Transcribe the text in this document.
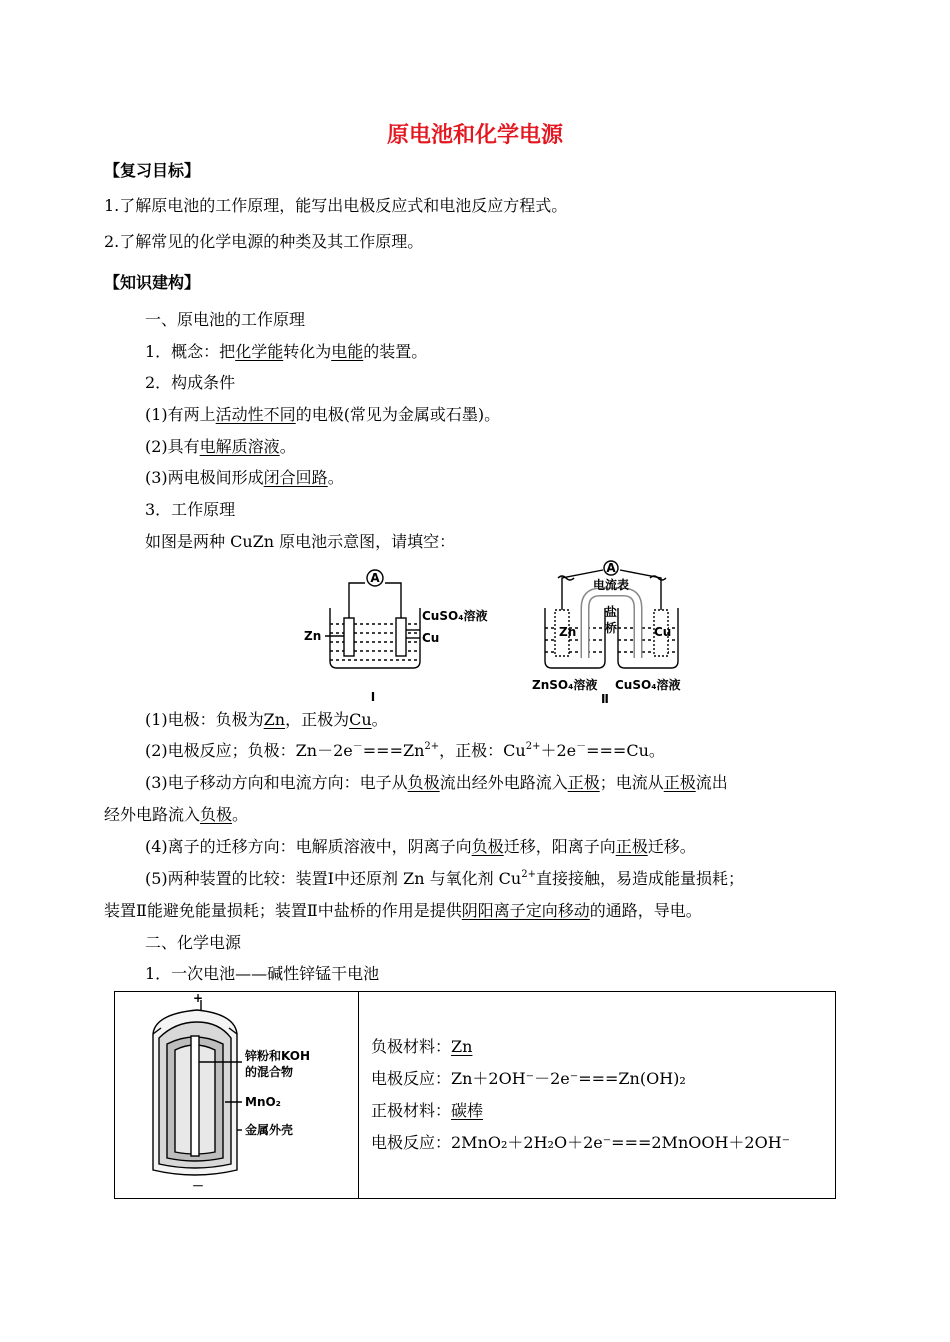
原电池和化学电源
【复习目标】
1.了解原电池的工作原理，能写出电极反应式和电池反应方程式。
2.了解常见的化学电源的种类及其工作原理。
【知识建构】
一、原电池的工作原理
1．概念：把化学能转化为电能的装置。
2．构成条件
(1)有两上活动性不同的电极(常见为金属或石墨)。
(2)具有电解质溶液。
(3)两电极间形成闭合回路。
3．工作原理
如图是两种 CuZn 原电池示意图，请填空：
A
Zn
CuSO₄溶液
Cu
I
A
电流表
盐
桥
Zn	Cu
ZnSO₄溶液 CuSO₄溶液
Ⅱ
(1)电极：负极为Zn，正极为Cu。
(2)电极反应；负极：$Zn-2e^-===Zn^{2+}$，正极：$Cu^{2+}+2e^-===Cu$。
(3)电子移动方向和电流方向：电子从负极流出经外电路流入正极；电流从正极流出
经外电路流入负极。
(4)离子的迁移方向：电解质溶液中，阴离子向负极迁移，阳离子向正极迁移。
(5)两种装置的比较：装置Ⅰ中还原剂 Zn 与氧化剂 $Cu^{2+}$直接接触，易造成能量损耗；
装置Ⅱ能避免能量损耗；装置Ⅱ中盐桥的作用是提供阴阳离子定向移动的通路，导电。
二、化学电源
1．一次电池——碱性锌锰干电池
+
－
锌粉和KOH
的混合物
MnO₂
金属外壳

负极材料：Zn
电极反应：Zn＋2OH⁻－2e⁻===Zn(OH)₂
正极材料：碳棒
电极反应：2MnO₂＋2H₂O＋2e⁻===2MnOOH＋2OH⁻
